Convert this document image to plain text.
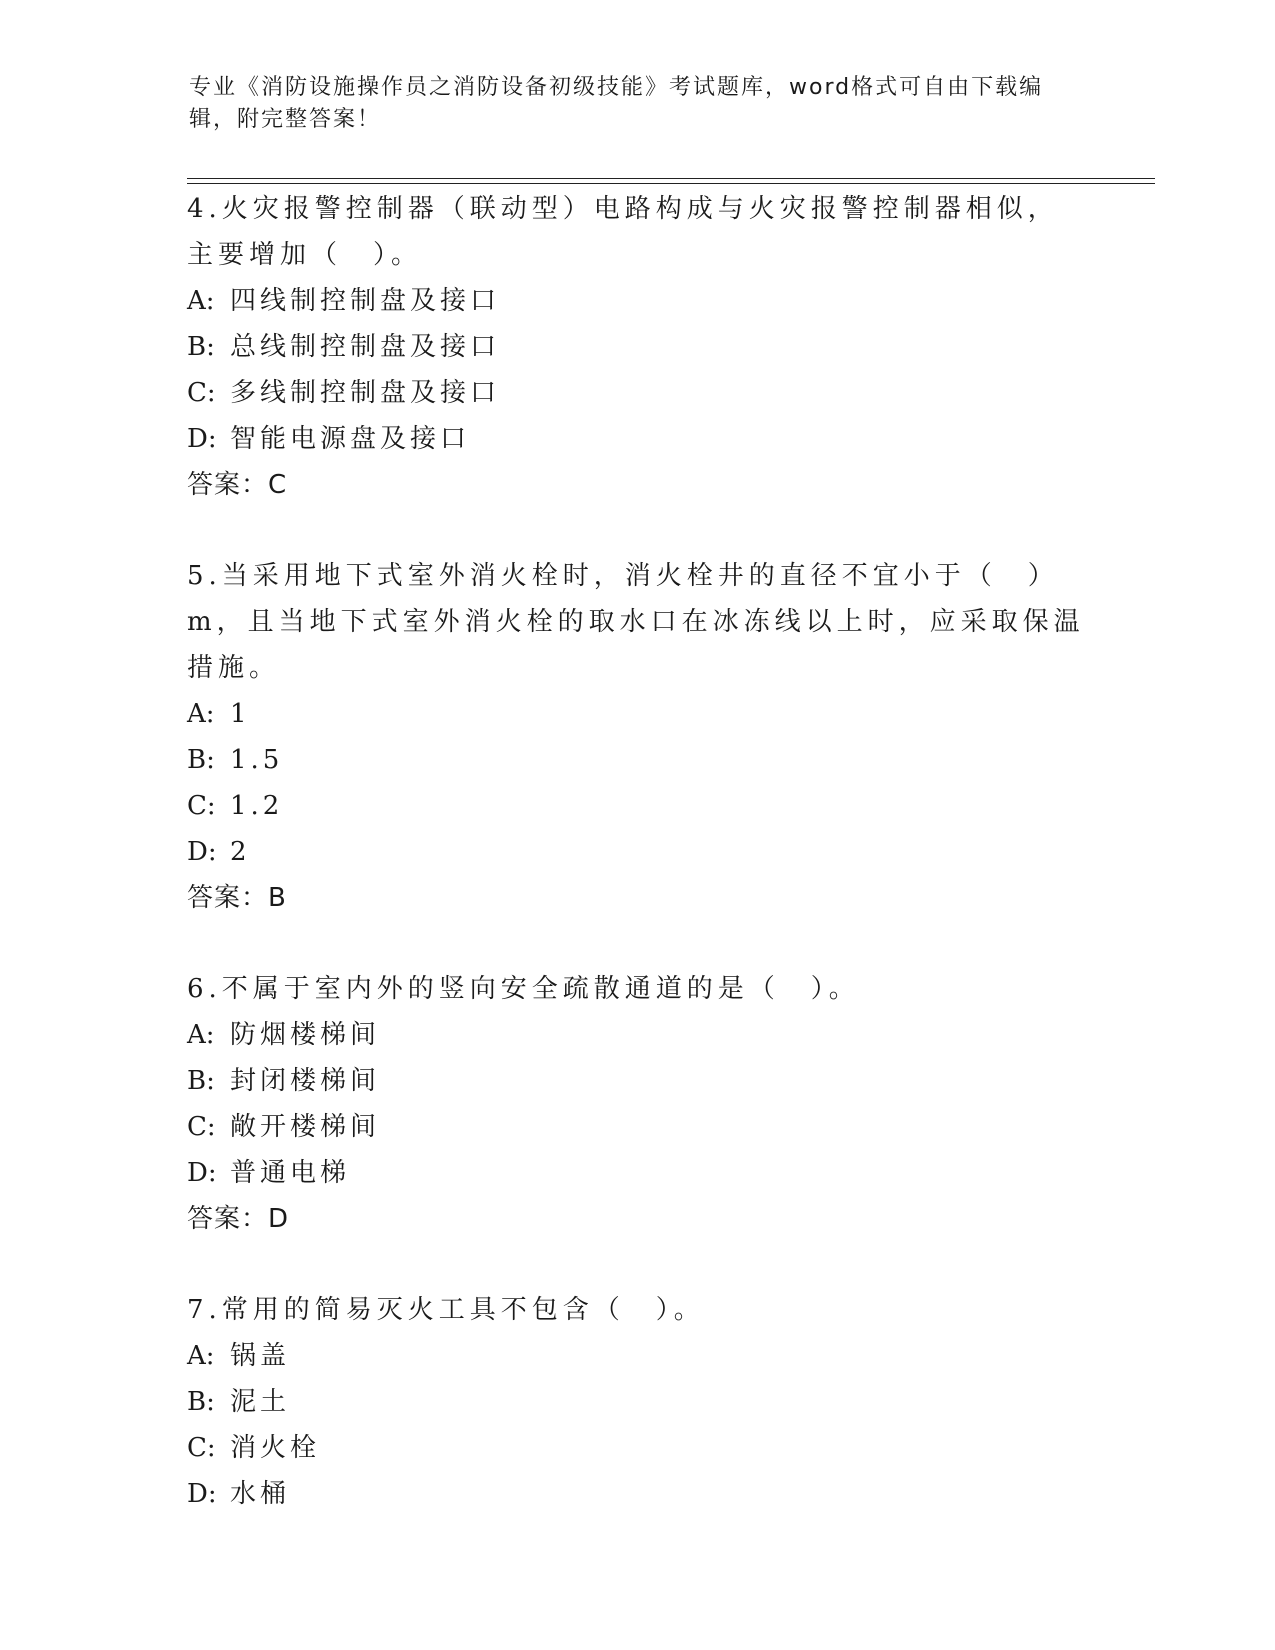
专业《消防设施操作员之消防设备初级技能》考试题库，word格式可自由下载编辑，附完整答案！
4.火灾报警控制器（联动型）电路构成与火灾报警控制器相似，主要增加（　）。
A: 四线制控制盘及接口
B: 总线制控制盘及接口
C: 多线制控制盘及接口
D: 智能电源盘及接口
答案：C
5.当采用地下式室外消火栓时，消火栓井的直径不宜小于（　）m，且当地下式室外消火栓的取水口在冰冻线以上时，应采取保温措施。
A: 1
B: 1.5
C: 1.2
D: 2
答案：B
6.不属于室内外的竖向安全疏散通道的是（　）。
A: 防烟楼梯间
B: 封闭楼梯间
C: 敞开楼梯间
D: 普通电梯
答案：D
7.常用的简易灭火工具不包含（　）。
A: 锅盖
B: 泥土
C: 消火栓
D: 水桶
